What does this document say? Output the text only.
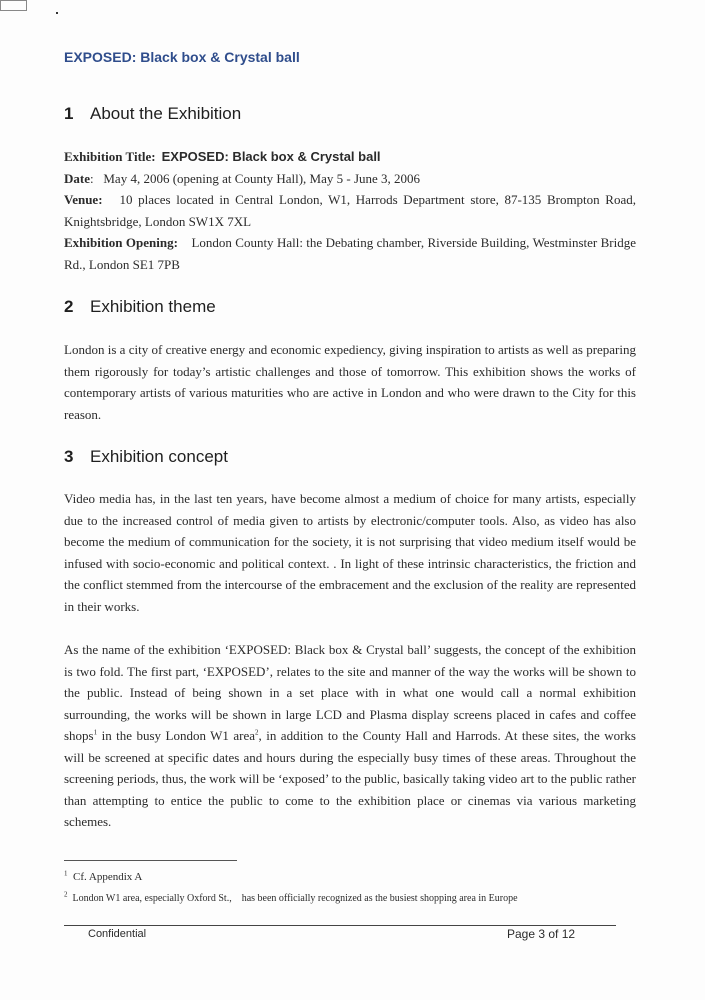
EXPOSED: Black box & Crystal ball
1 About the Exhibition

Exhibition Title: EXPOSED: Black box & Crystal ball

Date:   May 4, 2006 (opening at County Hall), May 5 - June 3, 2006

Venue: 10 places located in Central London, W1, Harrods Department store, 87-135 Brompton Road, Knightsbridge, London SW1X 7XL

Exhibition Opening: London County Hall: the Debating chamber, Riverside Building, Westminster Bridge Rd., London SE1 7PB

2 Exhibition theme

London is a city of creative energy and economic expediency, giving inspiration to artists as well as preparing them rigorously for today’s artistic challenges and those of tomorrow. This exhibition shows the works of contemporary artists of various maturities who are active in London and who were drawn to the City for this reason.

3 Exhibition concept

Video media has, in the last ten years, have become almost a medium of choice for many artists, especially due to the increased control of media given to artists by electronic/computer tools. Also, as video has also become the medium of communication for the society, it is not surprising that video medium itself would be infused with socio-economic and political context. . In light of these intrinsic characteristics, the friction and the conflict stemmed from the intercourse of the embracement and the exclusion of the reality are represented in their works.

As the name of the exhibition ‘EXPOSED: Black box & Crystal ball’ suggests, the concept of the exhibition is two fold. The first part, ‘EXPOSED’, relates to the site and manner of the way the works will be shown to the public. Instead of being shown in a set place with in what one would call a normal exhibition surrounding, the works will be shown in large LCD and Plasma display screens placed in cafes and coffee shops$^1$ in the busy London W1 area$^2$, in addition to the County Hall and Harrods. At these sites, the works will be screened at specific dates and hours during the especially busy times of these areas. Throughout the screening periods, thus, the work will be ‘exposed’ to the public, basically taking video art to the public rather than attempting to entice the public to come to the exhibition place or cinemas via various marketing schemes.

$^1$ Cf. Appendix A
$^2$ London W1 area, especially Oxford St.,    has been officially recognized as the busiest shopping area in Europe
Confidential	Page 3 of 12
